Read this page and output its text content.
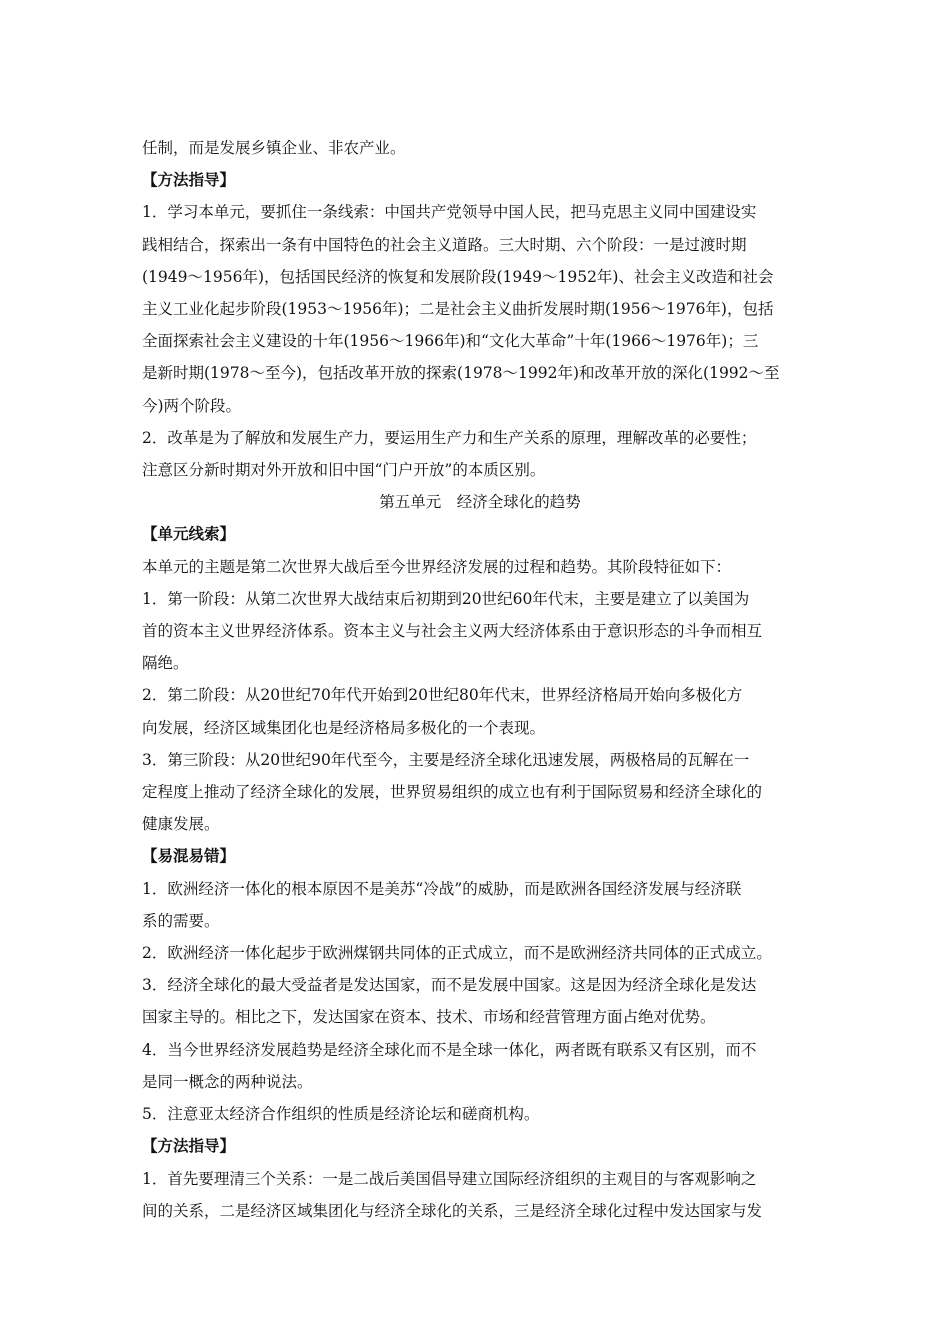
任制，而是发展乡镇企业、非农产业。
【方法指导】
1．学习本单元，要抓住一条线索：中国共产党领导中国人民，把马克思主义同中国建设实
践相结合，探索出一条有中国特色的社会主义道路。三大时期、六个阶段：一是过渡时期
(1949～1956年)，包括国民经济的恢复和发展阶段(1949～1952年)、社会主义改造和社会
主义工业化起步阶段(1953～1956年)；二是社会主义曲折发展时期(1956～1976年)，包括
全面探索社会主义建设的十年(1956～1966年)和“文化大革命”十年(1966～1976年)；三
是新时期(1978～至今)，包括改革开放的探索(1978～1992年)和改革开放的深化(1992～至
今)两个阶段。
2．改革是为了解放和发展生产力，要运用生产力和生产关系的原理，理解改革的必要性；
注意区分新时期对外开放和旧中国“门户开放”的本质区别。
第五单元　经济全球化的趋势
【单元线索】
本单元的主题是第二次世界大战后至今世界经济发展的过程和趋势。其阶段特征如下：
1．第一阶段：从第二次世界大战结束后初期到20世纪60年代末，主要是建立了以美国为
首的资本主义世界经济体系。资本主义与社会主义两大经济体系由于意识形态的斗争而相互
隔绝。
2．第二阶段：从20世纪70年代开始到20世纪80年代末，世界经济格局开始向多极化方
向发展，经济区域集团化也是经济格局多极化的一个表现。
3．第三阶段：从20世纪90年代至今，主要是经济全球化迅速发展，两极格局的瓦解在一
定程度上推动了经济全球化的发展，世界贸易组织的成立也有利于国际贸易和经济全球化的
健康发展。
【易混易错】
1．欧洲经济一体化的根本原因不是美苏“冷战”的威胁，而是欧洲各国经济发展与经济联
系的需要。
2．欧洲经济一体化起步于欧洲煤钢共同体的正式成立，而不是欧洲经济共同体的正式成立。
3．经济全球化的最大受益者是发达国家，而不是发展中国家。这是因为经济全球化是发达
国家主导的。相比之下，发达国家在资本、技术、市场和经营管理方面占绝对优势。
4．当今世界经济发展趋势是经济全球化而不是全球一体化，两者既有联系又有区别，而不
是同一概念的两种说法。
5．注意亚太经济合作组织的性质是经济论坛和磋商机构。
【方法指导】
1．首先要理清三个关系：一是二战后美国倡导建立国际经济组织的主观目的与客观影响之
间的关系，二是经济区域集团化与经济全球化的关系，三是经济全球化过程中发达国家与发
